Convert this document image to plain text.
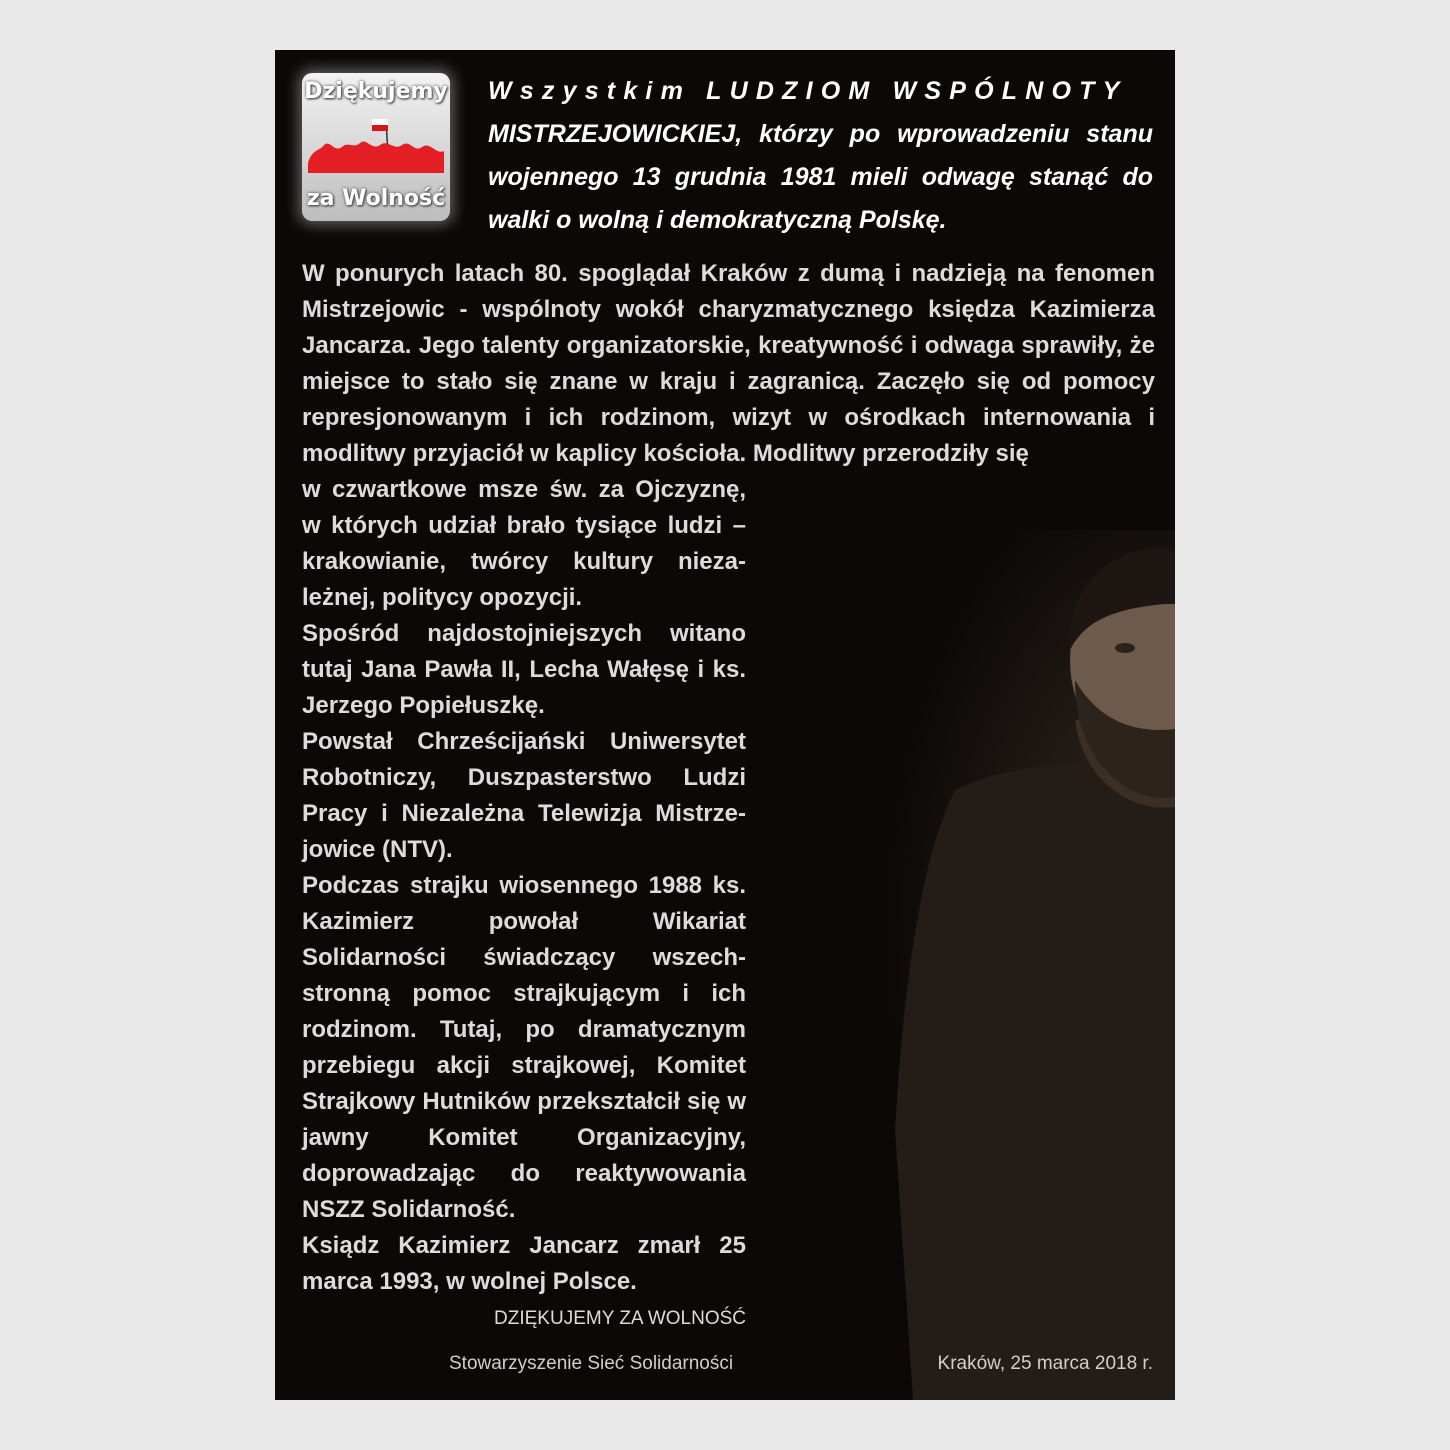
Dziękujemy
za Wolność
Wszystkim LUDZIOM WSPÓLNOTY
MISTRZEJOWICKIEJ, którzy po wprowadzeniu stanu wojennego 13 grudnia 1981 mieli odwagę stanąć do walki o wolną i demokratyczną Polskę.
W ponurych latach 80. spoglądał Kraków z dumą i nadzieją na fenomen Mistrzejowic - wspólnoty wokół charyzmatycznego księdza Kazimierza Jancarza. Jego talenty organizatorskie, kreatywność i odwaga sprawiły, że miejsce to stało się znane w kraju i zagranicą. Zaczęło się od pomocy represjonowanym i ich rodzinom, wizyt w ośrodkach internowania i modlitwy przyjaciół w kaplicy kościoła. Modlitwy przerodziły się

w czwartkowe msze św. za Ojczyznę, w których udział brało tysiące ludzi – krakowianie, twórcy kultury nieza-leżnej, politycy opozycji.

Spośród najdostojniejszych witano tutaj Jana Pawła II, Lecha Wałęsę i ks. Jerzego Popiełuszkę.

Powstał Chrześcijański Uniwersytet Robotniczy, Duszpasterstwo Ludzi Pracy i Niezależna Telewizja Mistrze-jowice (NTV).

Podczas strajku wiosennego 1988 ks. Kazimierz powołał Wikariat Solidarności świadczący wszech-stronną pomoc strajkującym i ich rodzinom. Tutaj, po dramatycznym przebiegu akcji strajkowej, Komitet Strajkowy Hutników przekształcił się w jawny Komitet Organizacyjny, doprowadzając do reaktywowania NSZZ Solidarność.

Ksiądz Kazimierz Jancarz zmarł 25 marca 1993, w wolnej Polsce.

DZIĘKUJEMY ZA WOLNOŚĆ
Stowarzyszenie Sieć Solidarności	Kraków, 25 marca 2018 r.
